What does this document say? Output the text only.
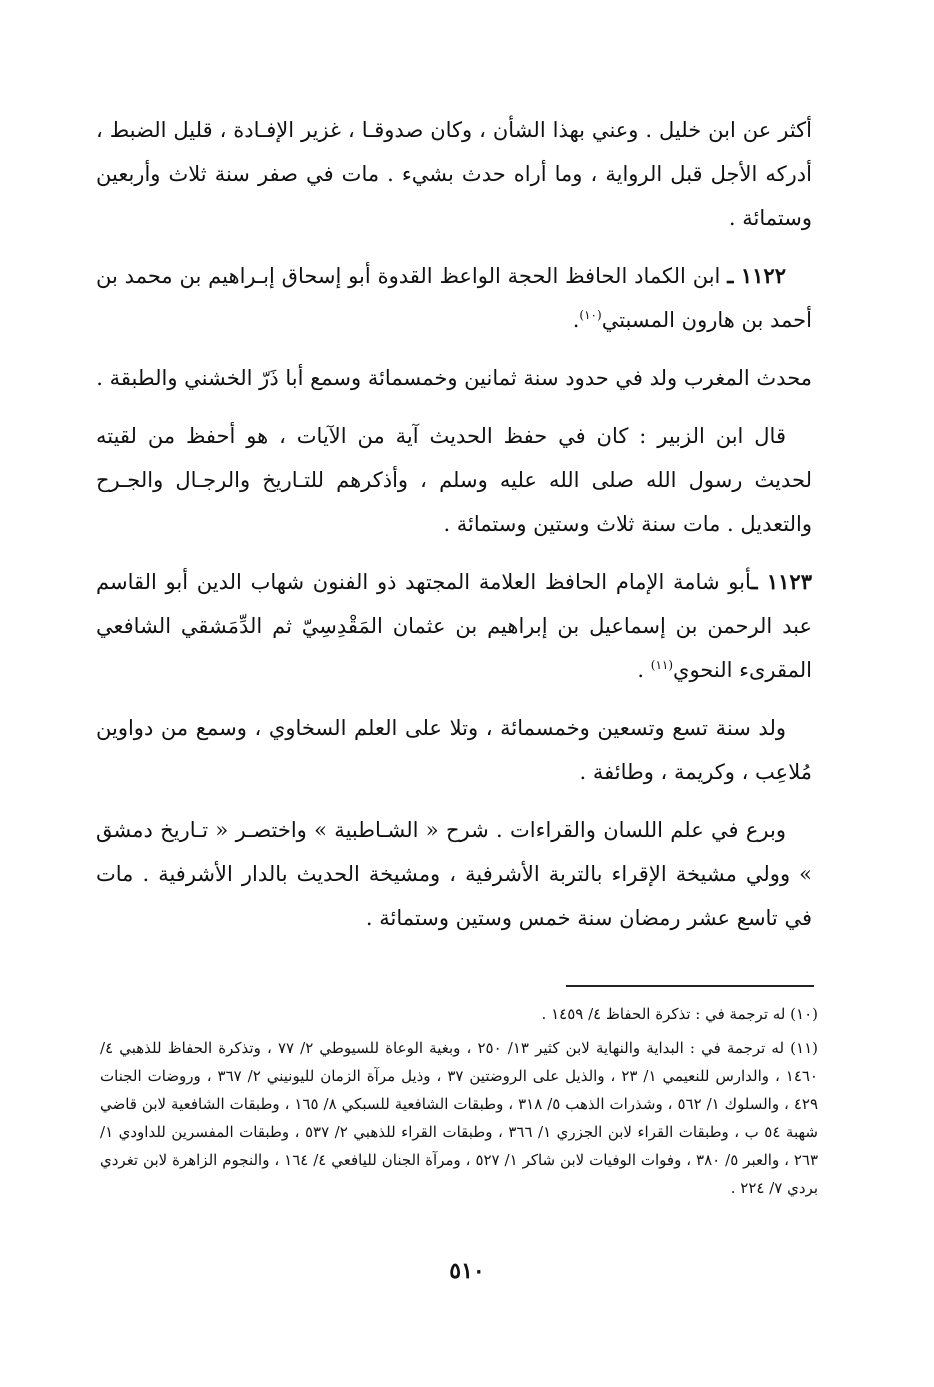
أكثر عن ابن خليل . وعني بهذا الشأن ، وكان صدوقـا ، غزير الإفـادة ، قليل الضبط ، أدركه الأجل قبل الرواية ، وما أراه حدث بشيء . مات في صفر سنة ثلاث وأربعين وستمائة .

١١٢٢ ـ ابن الكماد الحافظ الحجة الواعظ القدوة أبو إسحاق إبـراهيم بن محمد بن أحمد بن هارون المسبتي$^{(١٠)}$.

محدث المغرب ولد في حدود سنة ثمانين وخمسمائة وسمع أبا ذَرّ الخشني والطبقة .

قال ابن الزبير : كان في حفظ الحديث آية من الآيات ، هو أحفظ من لقيته لحديث رسول الله صلى الله عليه وسلم ، وأذكرهم للتـاريخ والرجـال والجـرح والتعديل . مات سنة ثلاث وستين وستمائة .

١١٢٣ ـأبو شامة الإمام الحافظ العلامة المجتهد ذو الفنون شهاب الدين أبو القاسم عبد الرحمن بن إسماعيل بن إبراهيم بن عثمان المَقْدِسِيّ ثم الدِّمَشقي الشافعي المقرىء النحوي$^{(١١)}$ .

ولد سنة تسع وتسعين وخمسمائة ، وتلا على العلم السخاوي ، وسمع من دواوين مُلاعِب ، وكريمة ، وطائفة .

وبرع في علم اللسان والقراءات . شرح « الشـاطبية » واختصـر « تـاريخ دمشق » وولي مشيخة الإقراء بالتربة الأشرفية ، ومشيخة الحديث بالدار الأشرفية . مات في تاسع عشر رمضان سنة خمس وستين وستمائة .

(١٠) له ترجمة في : تذكرة الحفاظ ٤/ ١٤٥٩ .

(١١) له ترجمة في : البداية والنهاية لابن كثير ١٣/ ٢٥٠ ، وبغية الوعاة للسيوطي ٢/ ٧٧ ، وتذكرة الحفاظ للذهبي ٤/ ١٤٦٠ ، والدارس للنعيمي ١/ ٢٣ ، والذيل على الروضتين ٣٧ ، وذيل مرآة الزمان لليونيني ٢/ ٣٦٧ ، وروضات الجنات ٤٢٩ ، والسلوك ١/ ٥٦٢ ، وشذرات الذهب ٥/ ٣١٨ ، وطبقات الشافعية للسبكي ٨/ ١٦٥ ، وطبقات الشافعية لابن قاضي شهبة ٥٤ ب ، وطبقات القراء لابن الجزري ١/ ٣٦٦ ، وطبقات القراء للذهبي ٢/ ٥٣٧ ، وطبقات المفسرين للداودي ١/ ٢٦٣ ، والعبر ٥/ ٣٨٠ ، وفوات الوفيات لابن شاكر ١/ ٥٢٧ ، ومرآة الجنان لليافعي ٤/ ١٦٤ ، والنجوم الزاهرة لابن تغردي بردي ٧/ ٢٢٤ .

٥١٠
